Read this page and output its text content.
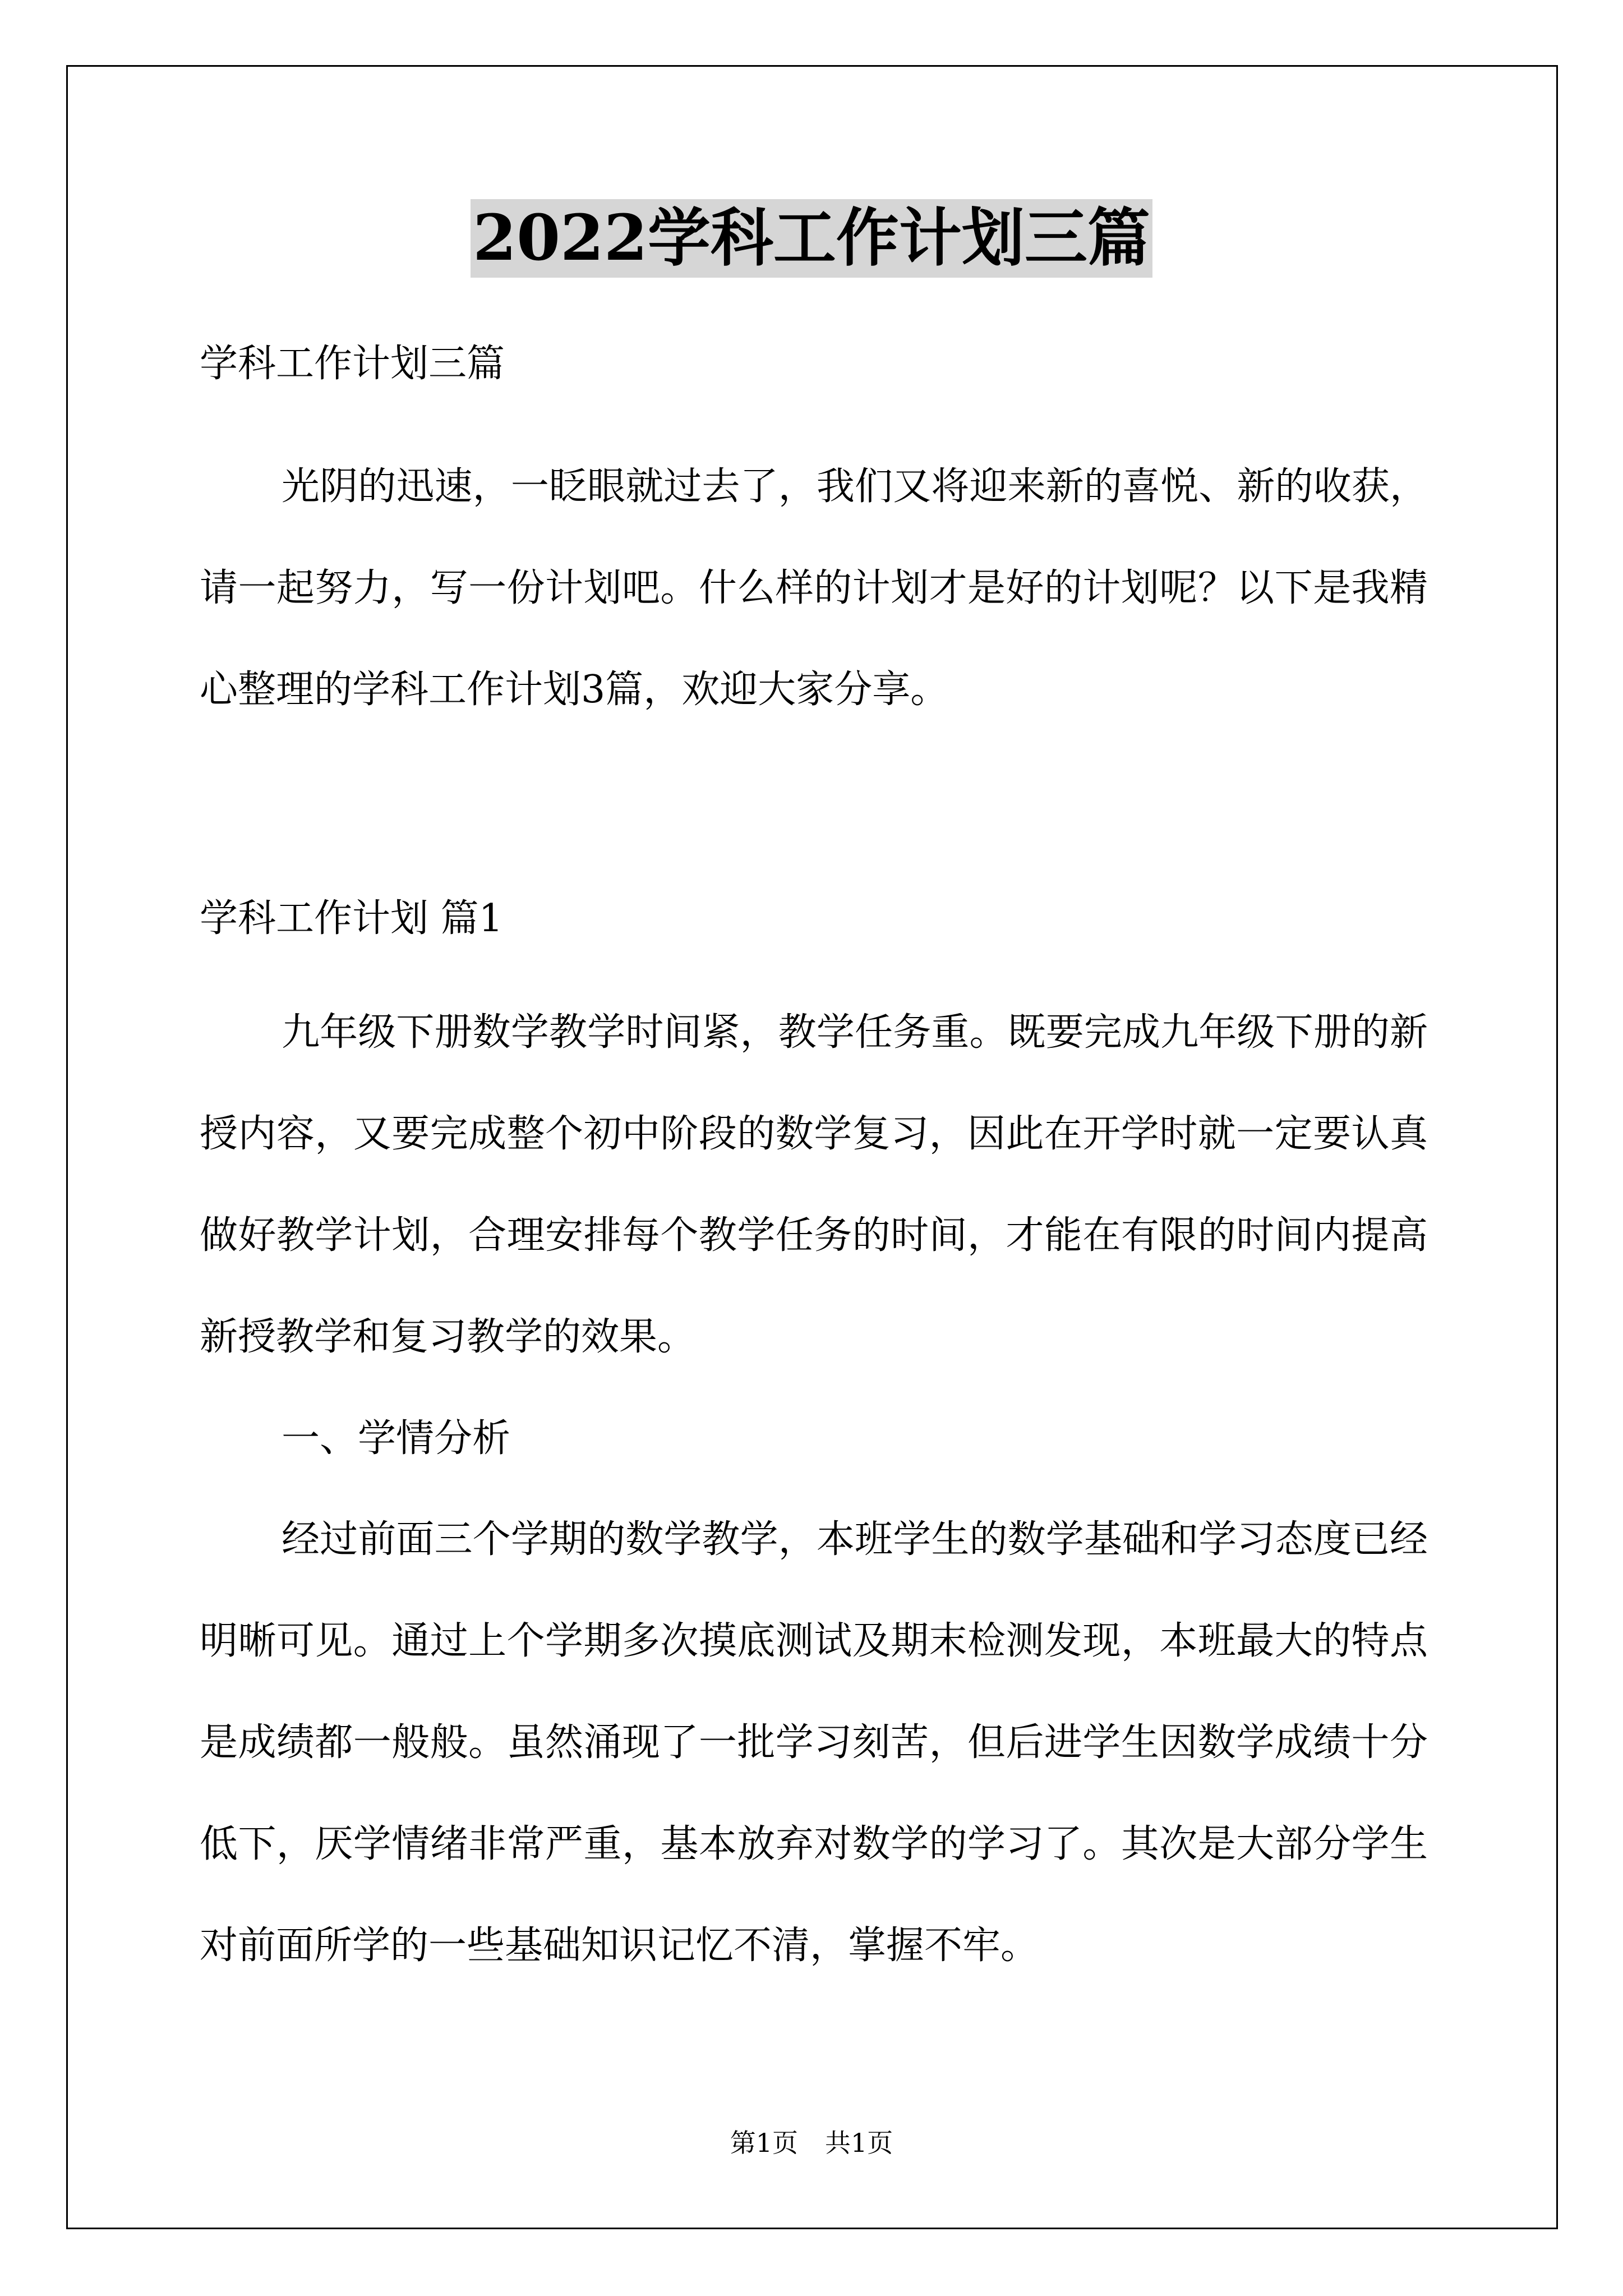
2022学科工作计划三篇
学科工作计划三篇
光阴的迅速，一眨眼就过去了，我们又将迎来新的喜悦、新的收获，请一起努力，写一份计划吧。什么样的计划才是好的计划呢？以下是我精心整理的学科工作计划3篇，欢迎大家分享。
学科工作计划 篇1
九年级下册数学教学时间紧，教学任务重。既要完成九年级下册的新授内容，又要完成整个初中阶段的数学复习，因此在开学时就一定要认真做好教学计划，合理安排每个教学任务的时间，才能在有限的时间内提高新授教学和复习教学的效果。
一、学情分析
经过前面三个学期的数学教学，本班学生的数学基础和学习态度已经明晰可见。通过上个学期多次摸底测试及期末检测发现，本班最大的特点是成绩都一般般。虽然涌现了一批学习刻苦，但后进学生因数学成绩十分低下，厌学情绪非常严重，基本放弃对数学的学习了。其次是大部分学生对前面所学的一些基础知识记忆不清，掌握不牢。
第1页 共1页
